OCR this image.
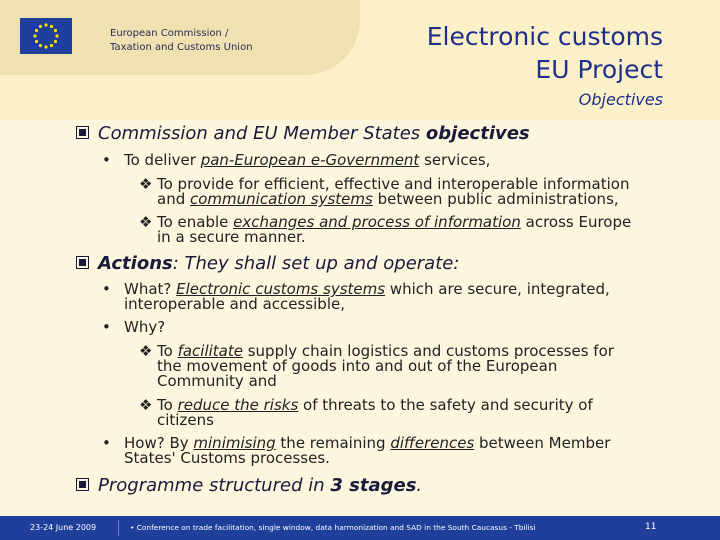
European Commission /
Taxation and Customs Union	Electronic customs
EU Project
Objectives
Commission and EU Member States objectives
• To deliver pan-European e-Government services,
❖ To provide for efficient, effective and interoperable information
and communication systems between public administrations,
❖ To enable exchanges and process of information across Europe
in a secure manner.
Actions: They shall set up and operate:
• What? Electronic customs systems which are secure, integrated,
interoperable and accessible,
• Why?
❖ To facilitate supply chain logistics and customs processes for
the movement of goods into and out of the European
Community and
❖ To reduce the risks of threats to the safety and security of
citizens
• How? By minimising the remaining differences between Member
States' Customs processes.
Programme structured in 3 stages.
23-24 June 2009	• Conference on trade facilitation, single window, data harmonization and SAD in the South Caucasus - Tbilisi	11
